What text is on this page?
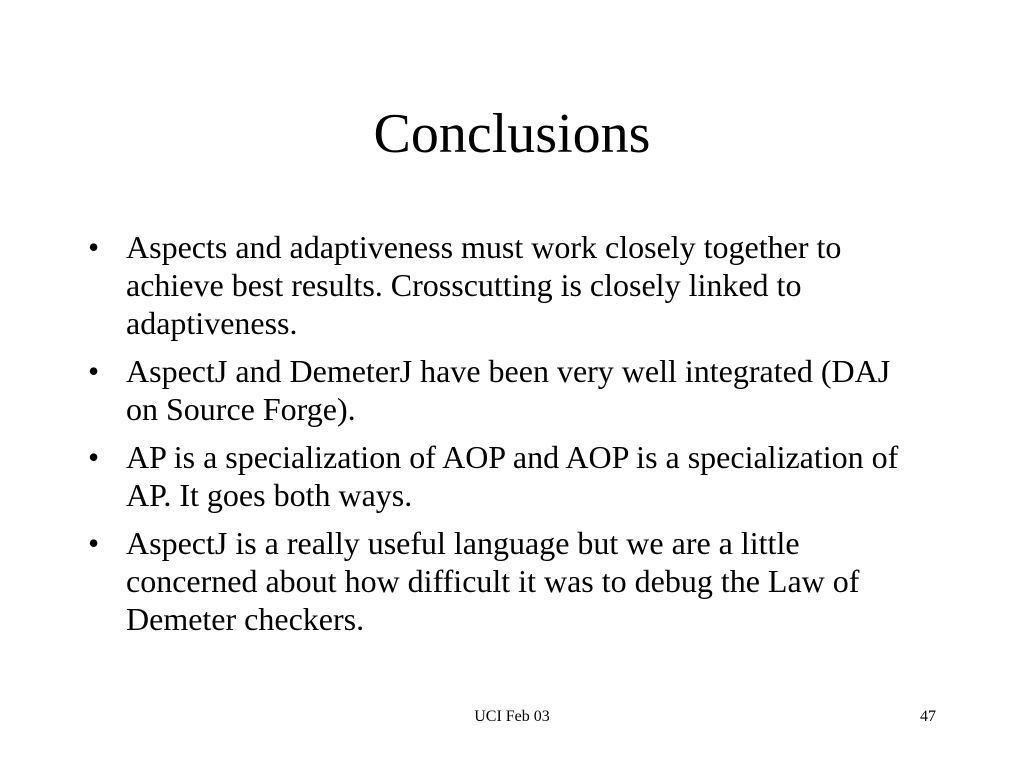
Conclusions
• Aspects and adaptiveness must work closely together to achieve best results. Crosscutting is closely linked to adaptiveness.
• AspectJ and DemeterJ have been very well integrated (DAJ on Source Forge).
• AP is a specialization of AOP and AOP is a specialization of AP. It goes both ways.
• AspectJ is a really useful language but we are a little concerned about how difficult it was to debug the Law of Demeter checkers.
UCI Feb 03	47
